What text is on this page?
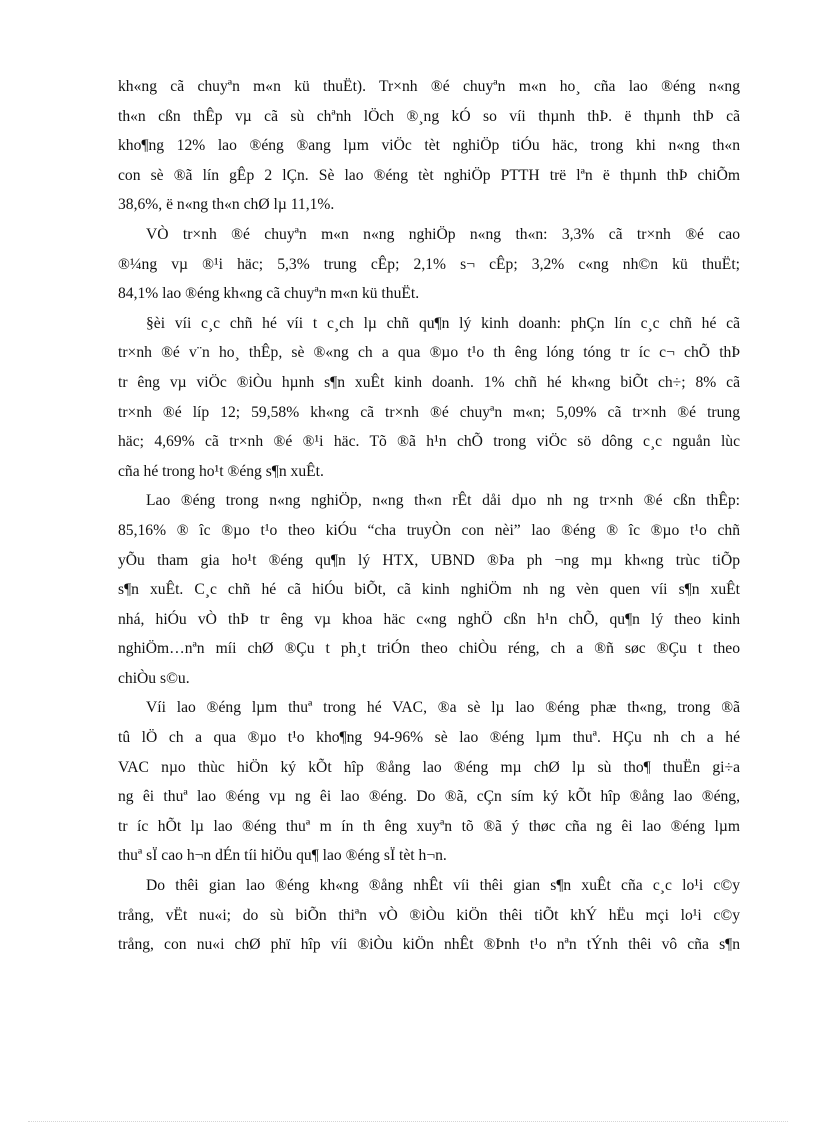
kh«ng cã chuyªn m«n kü thuËt). Tr×nh ®é chuyªn m«n ho¸ cña lao ®éng n«ng
th«n cßn thÊp vµ cã sù chªnh lÖch ®¸ng kÓ so víi thµnh thÞ. ë thµnh thÞ cã
kho¶ng 12% lao ®éng ®ang lµm viÖc tèt nghiÖp tiÓu häc, trong khi n«ng th«n
con sè ®ã lín gÊp 2 lÇn. Sè lao ®éng tèt nghiÖp PTTH trë lªn ë thµnh thÞ chiÕm
38,6%, ë n«ng th«n chØ lµ 11,1%.

VÒ tr×nh ®é chuyªn m«n n«ng nghiÖp n«ng th«n: 3,3% cã tr×nh ®é cao
®¼ng vµ ®¹i häc; 5,3% trung cÊp; 2,1% s¬ cÊp; 3,2% c«ng nh©n kü thuËt;
84,1% lao ®éng kh«ng cã chuyªn m«n kü thuËt.

§èi víi c¸c chñ hé víi t c¸ch lµ chñ qu¶n lý kinh doanh: phÇn lín c¸c chñ hé cã
tr×nh ®é v¨n ho¸ thÊp, sè ®«ng ch a qua ®µo t¹o th êng lóng tóng tr íc c¬ chÕ thÞ
tr êng vµ viÖc ®iÒu hµnh s¶n xuÊt kinh doanh. 1% chñ hé kh«ng biÕt ch÷; 8% cã
tr×nh ®é líp 12; 59,58% kh«ng cã tr×nh ®é chuyªn m«n; 5,09% cã tr×nh ®é trung
häc; 4,69% cã tr×nh ®é ®¹i häc. Tõ ®ã h¹n chÕ trong viÖc sö dông c¸c nguån lùc
cña hé trong ho¹t ®éng s¶n xuÊt.

Lao ®éng trong n«ng nghiÖp, n«ng th«n rÊt dåi dµo nh ng tr×nh ®é cßn thÊp:
85,16% ® îc ®µo t¹o theo kiÓu “cha truyÒn con nèi” lao ®éng ® îc ®µo t¹o chñ
yÕu tham gia ho¹t ®éng qu¶n lý HTX, UBND ®Þa ph ¬ng mµ kh«ng trùc tiÕp
s¶n xuÊt. C¸c chñ hé cã hiÓu biÕt, cã kinh nghiÖm nh ng vèn quen víi s¶n xuÊt
nhá, hiÓu vÒ thÞ tr êng vµ khoa häc c«ng nghÖ cßn h¹n chÕ, qu¶n lý theo kinh
nghiÖm…nªn míi chØ ®Çu t ph¸t triÓn theo chiÒu réng, ch a ®ñ søc ®Çu t theo
chiÒu s©u.

Víi lao ®éng lµm thuª trong hé VAC, ®a sè lµ lao ®éng phæ th«ng, trong ®ã
tû lÖ ch a qua ®µo t¹o kho¶ng 94-96% sè lao ®éng lµm thuª. HÇu nh ch a hé
VAC nµo thùc hiÖn ký kÕt hîp ®ång lao ®éng mµ chØ lµ sù tho¶ thuËn gi÷a
ng êi thuª lao ®éng vµ ng êi lao ®éng. Do ®ã, cÇn sím ký kÕt hîp ®ång lao ®éng,
tr íc hÕt lµ lao ®éng thuª m ín th êng xuyªn tõ ®ã ý thøc cña ng êi lao ®éng lµm
thuª sÏ cao h¬n dÉn tíi hiÖu qu¶ lao ®éng sÏ tèt h¬n.

Do thêi gian lao ®éng kh«ng ®ång nhÊt víi thêi gian s¶n xuÊt cña c¸c lo¹i c©y
trång, vËt nu«i; do sù biÕn thiªn vÒ ®iÒu kiÖn thêi tiÕt khÝ hËu mçi lo¹i c©y
trång, con nu«i chØ phï hîp víi ®iÒu kiÖn nhÊt ®Þnh t¹o nªn tÝnh thêi vô cña s¶n
